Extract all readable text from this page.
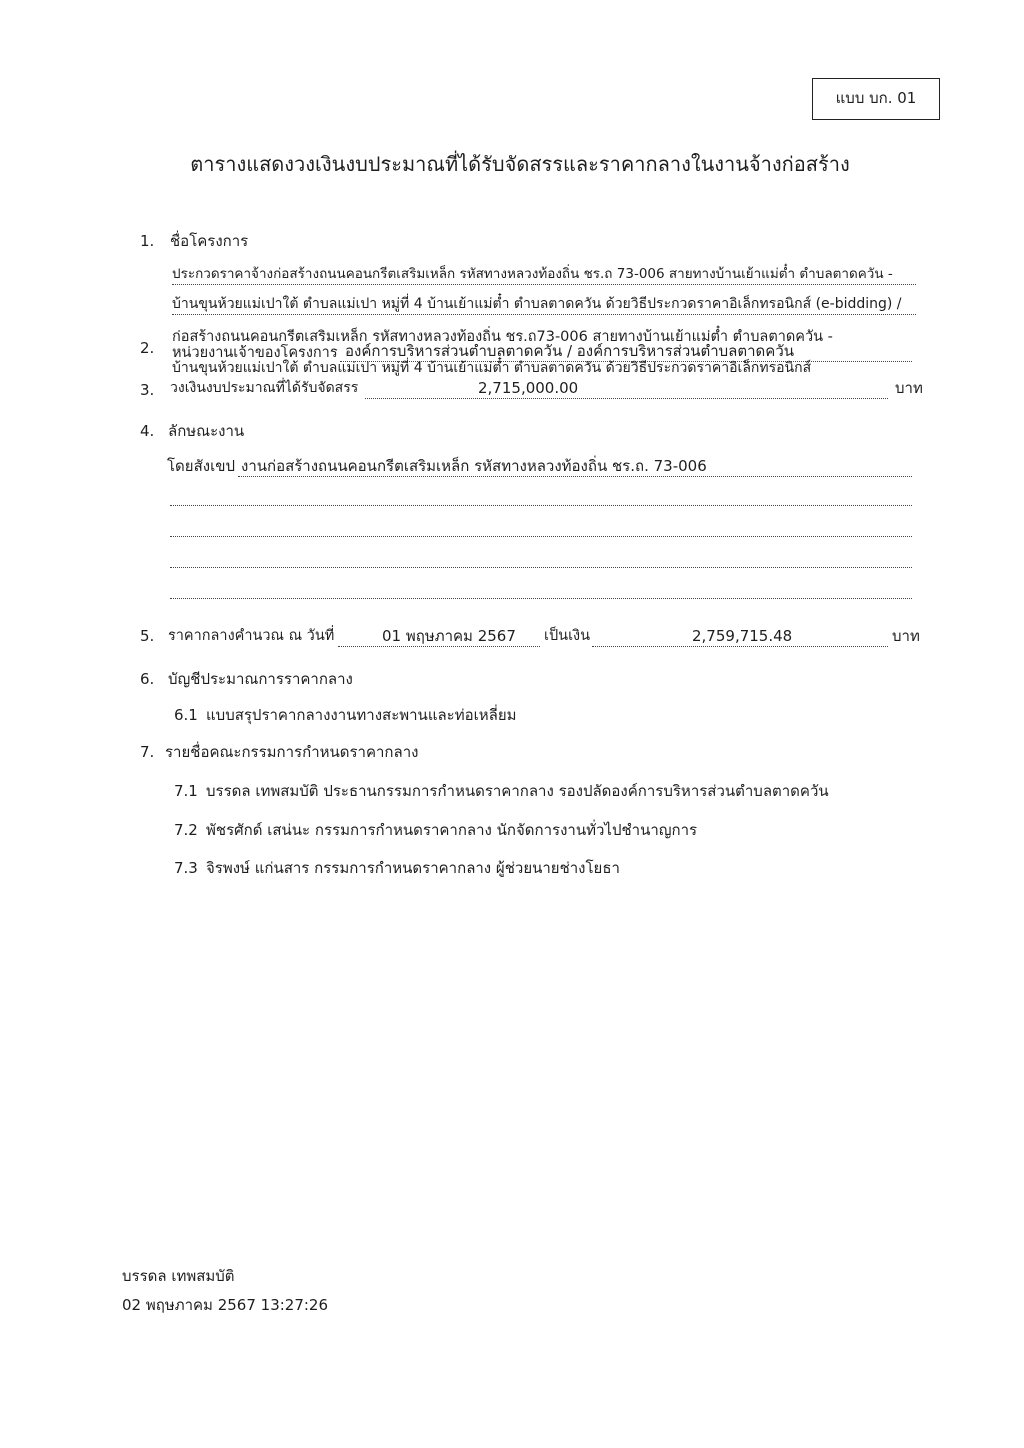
แบบ บก. 01
ตารางแสดงวงเงินงบประมาณที่ได้รับจัดสรรและราคากลางในงานจ้างก่อสร้าง
1.	ชื่อโครงการ
ประกวดราคาจ้างก่อสร้างถนนคอนกรีตเสริมเหล็ก รหัสทางหลวงท้องถิ่น ชร.ถ 73-006 สายทางบ้านเย้าแม่ต๋ำ ตำบลตาดควัน -
บ้านขุนห้วยแม่เปาใต้ ตำบลแม่เปา หมู่ที่ 4 บ้านเย้าแม่ต๋ำ ตำบลตาดควัน ด้วยวิธีประกวดราคาอิเล็กทรอนิกส์ (e-bidding) /
ก่อสร้างถนนคอนกรีตเสริมเหล็ก รหัสทางหลวงท้องถิ่น ชร.ถ73-006 สายทางบ้านเย้าแม่ต๋ำ ตำบลตาดควัน -
2.	หน่วยงานเจ้าของโครงการ องค์การบริหารส่วนตำบลตาดควัน / องค์การบริหารส่วนตำบลตาดควัน
บ้านขุนห้วยแม่เปาใต้ ตำบลแม่เปา หมู่ที่ 4 บ้านเย้าแม่ต๋ำ ตำบลตาดควัน ด้วยวิธีประกวดราคาอิเล็กทรอนิกส์
3.	วงเงินงบประมาณที่ได้รับจัดสรร	2,715,000.00	บาท
4. ลักษณะงาน
โดยสังเขป งานก่อสร้างถนนคอนกรีตเสริมเหล็ก รหัสทางหลวงท้องถิ่น ชร.ถ. 73-006
5. ราคากลางคำนวณ ณ วันที่	01 พฤษภาคม 2567	เป็นเงิน	2,759,715.48	บาท
6. บัญชีประมาณการราคากลาง
6.1 แบบสรุปราคากลางงานทางสะพานและท่อเหลี่ยม
7. รายชื่อคณะกรรมการกำหนดราคากลาง
7.1 บรรดล เทพสมบัติ ประธานกรรมการกำหนดราคากลาง รองปลัดองค์การบริหารส่วนตำบลตาดควัน
7.2 พัชรศักด์ เสน่นะ กรรมการกำหนดราคากลาง นักจัดการงานทั่วไปชำนาญการ
7.3 จิรพงษ์ แก่นสาร กรรมการกำหนดราคากลาง ผู้ช่วยนายช่างโยธา
บรรดล เทพสมบัติ
02 พฤษภาคม 2567 13:27:26
